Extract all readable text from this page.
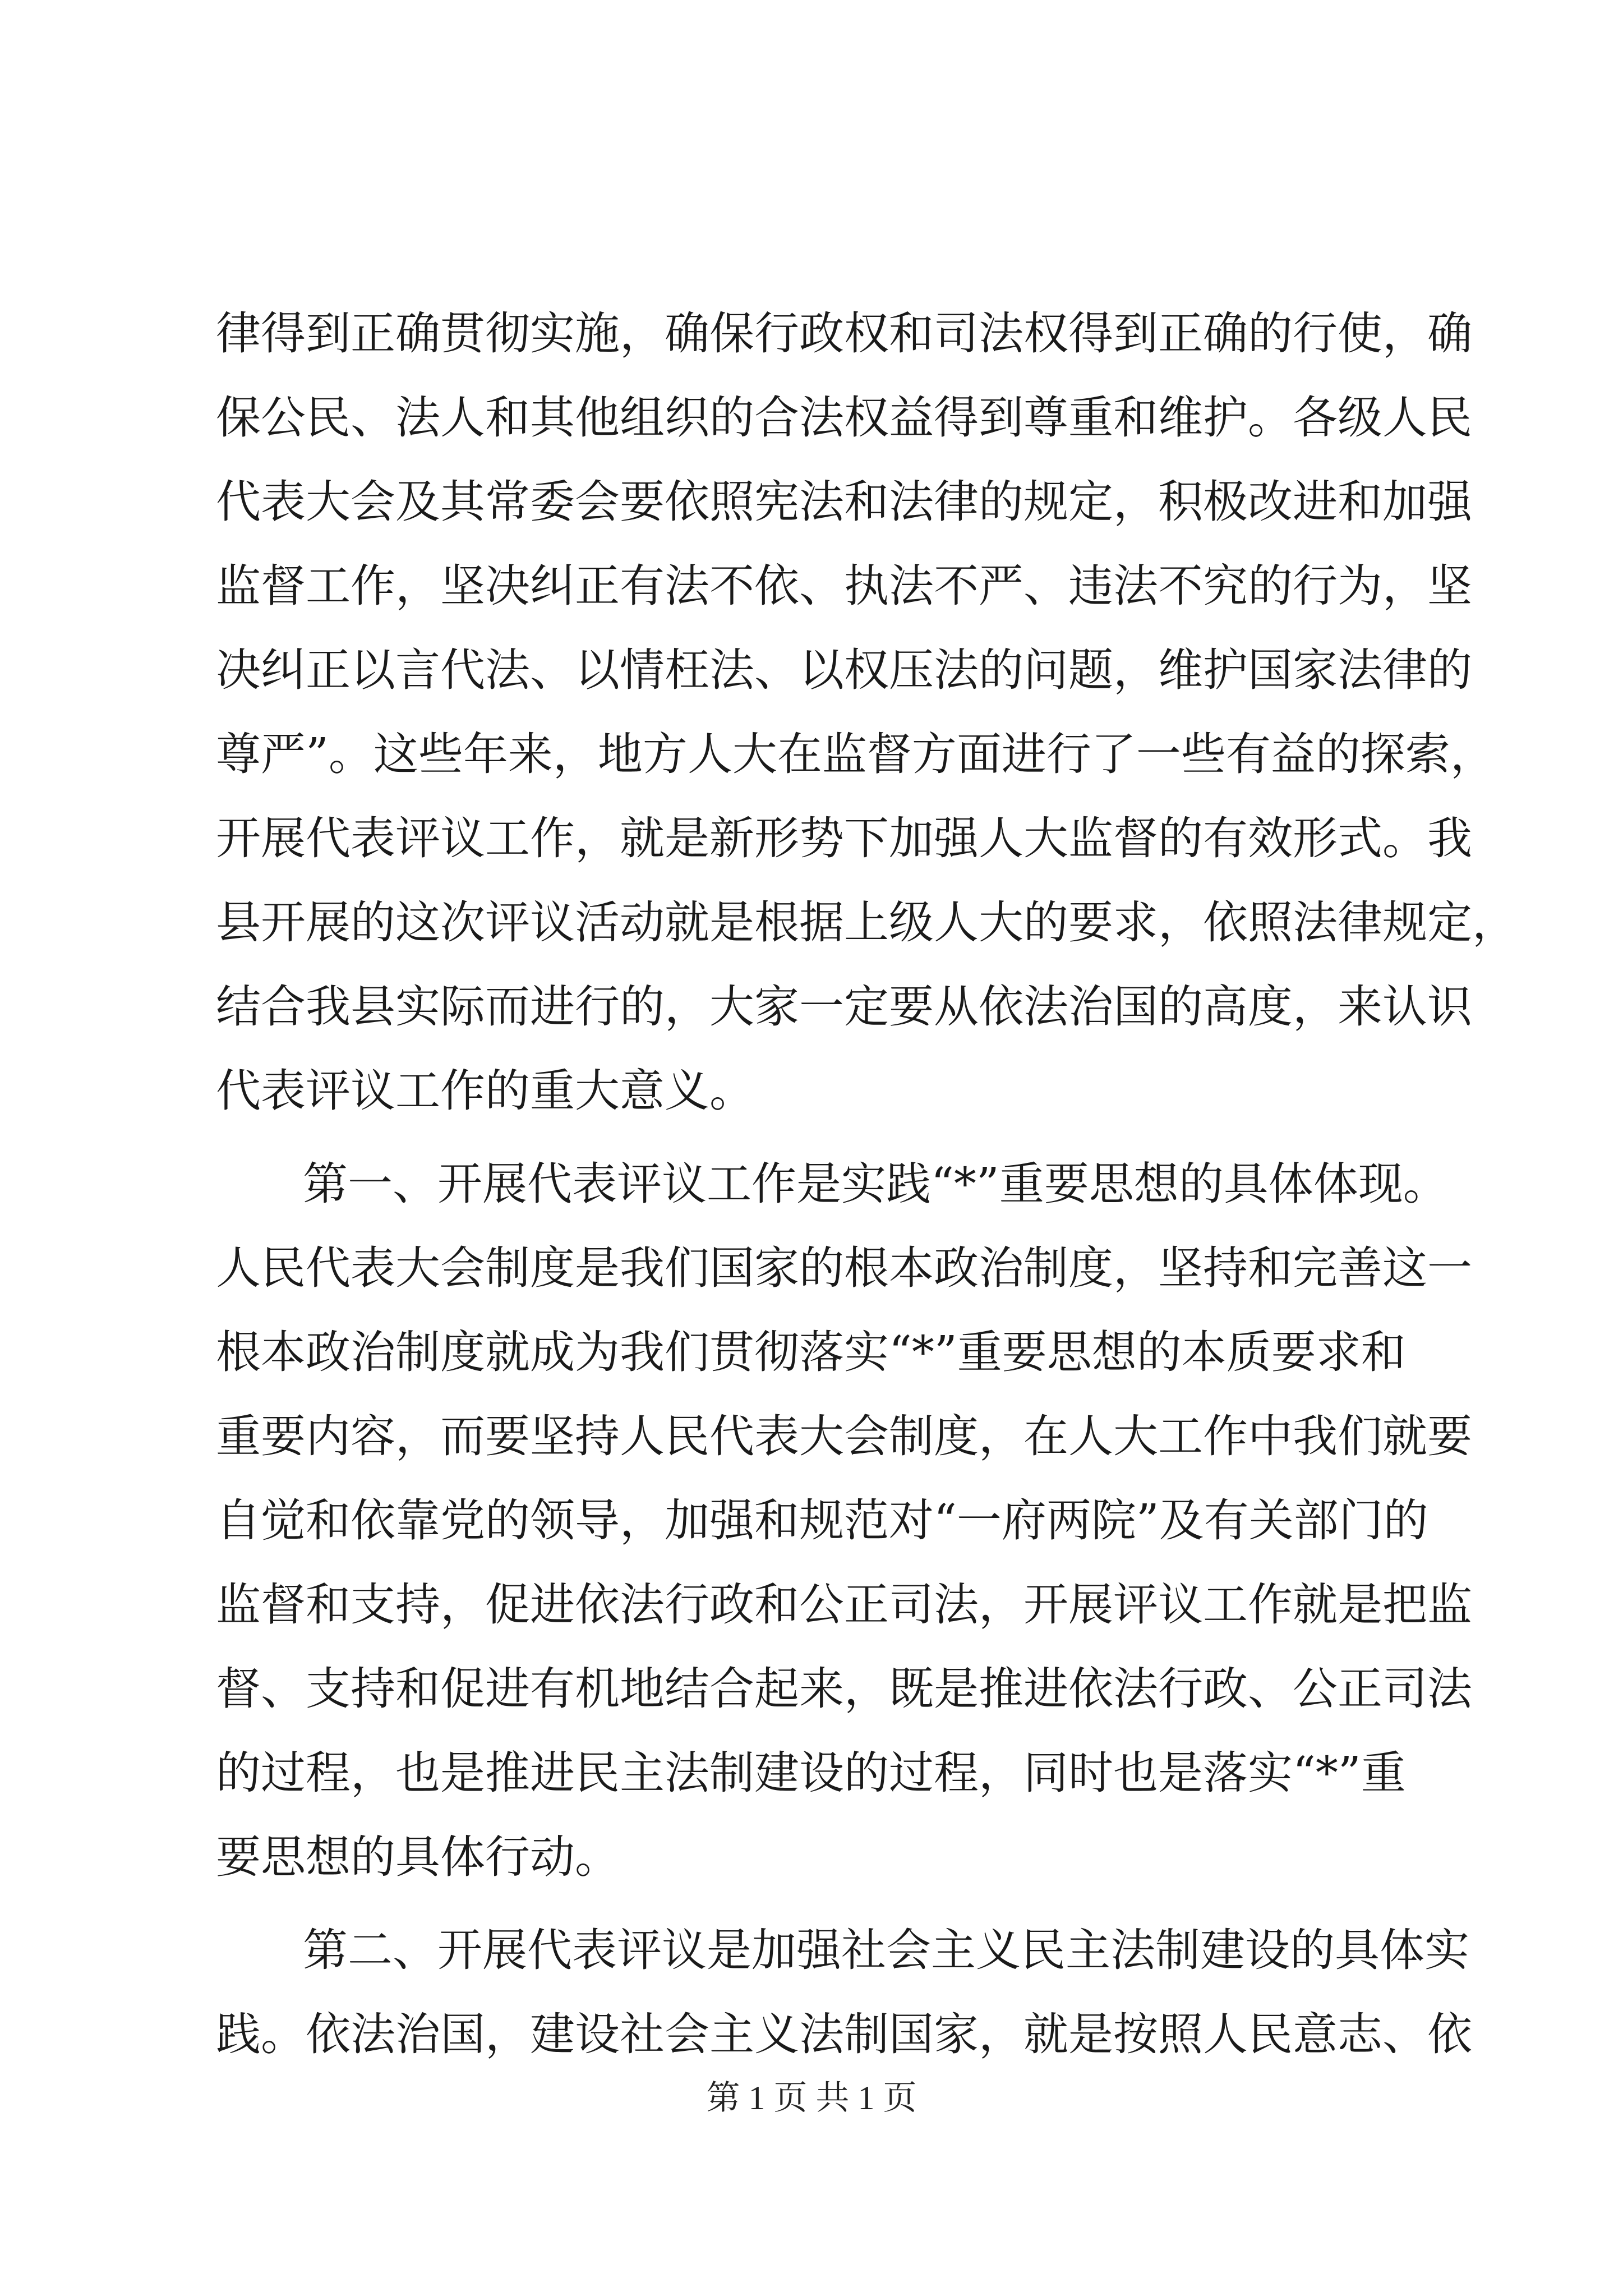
律得到正确贯彻实施，确保行政权和司法权得到正确的行使，确
保公民、法人和其他组织的合法权益得到尊重和维护。各级人民
代表大会及其常委会要依照宪法和法律的规定，积极改进和加强
监督工作，坚决纠正有法不依、执法不严、违法不究的行为，坚
决纠正以言代法、以情枉法、以权压法的问题，维护国家法律的
尊严”。这些年来，地方人大在监督方面进行了一些有益的探索，
开展代表评议工作，就是新形势下加强人大监督的有效形式。我
县开展的这次评议活动就是根据上级人大的要求，依照法律规定，
结合我县实际而进行的，大家一定要从依法治国的高度，来认识
代表评议工作的重大意义。
第一、开展代表评议工作是实践“*”重要思想的具体体现。
人民代表大会制度是我们国家的根本政治制度，坚持和完善这一
根本政治制度就成为我们贯彻落实“*”重要思想的本质要求和
重要内容，而要坚持人民代表大会制度，在人大工作中我们就要
自觉和依靠党的领导，加强和规范对“一府两院”及有关部门的
监督和支持，促进依法行政和公正司法，开展评议工作就是把监
督、支持和促进有机地结合起来，既是推进依法行政、公正司法
的过程，也是推进民主法制建设的过程，同时也是落实“*”重
要思想的具体行动。
第二、开展代表评议是加强社会主义民主法制建设的具体实
践。依法治国，建设社会主义法制国家，就是按照人民意志、依
第 1 页 共 1 页
